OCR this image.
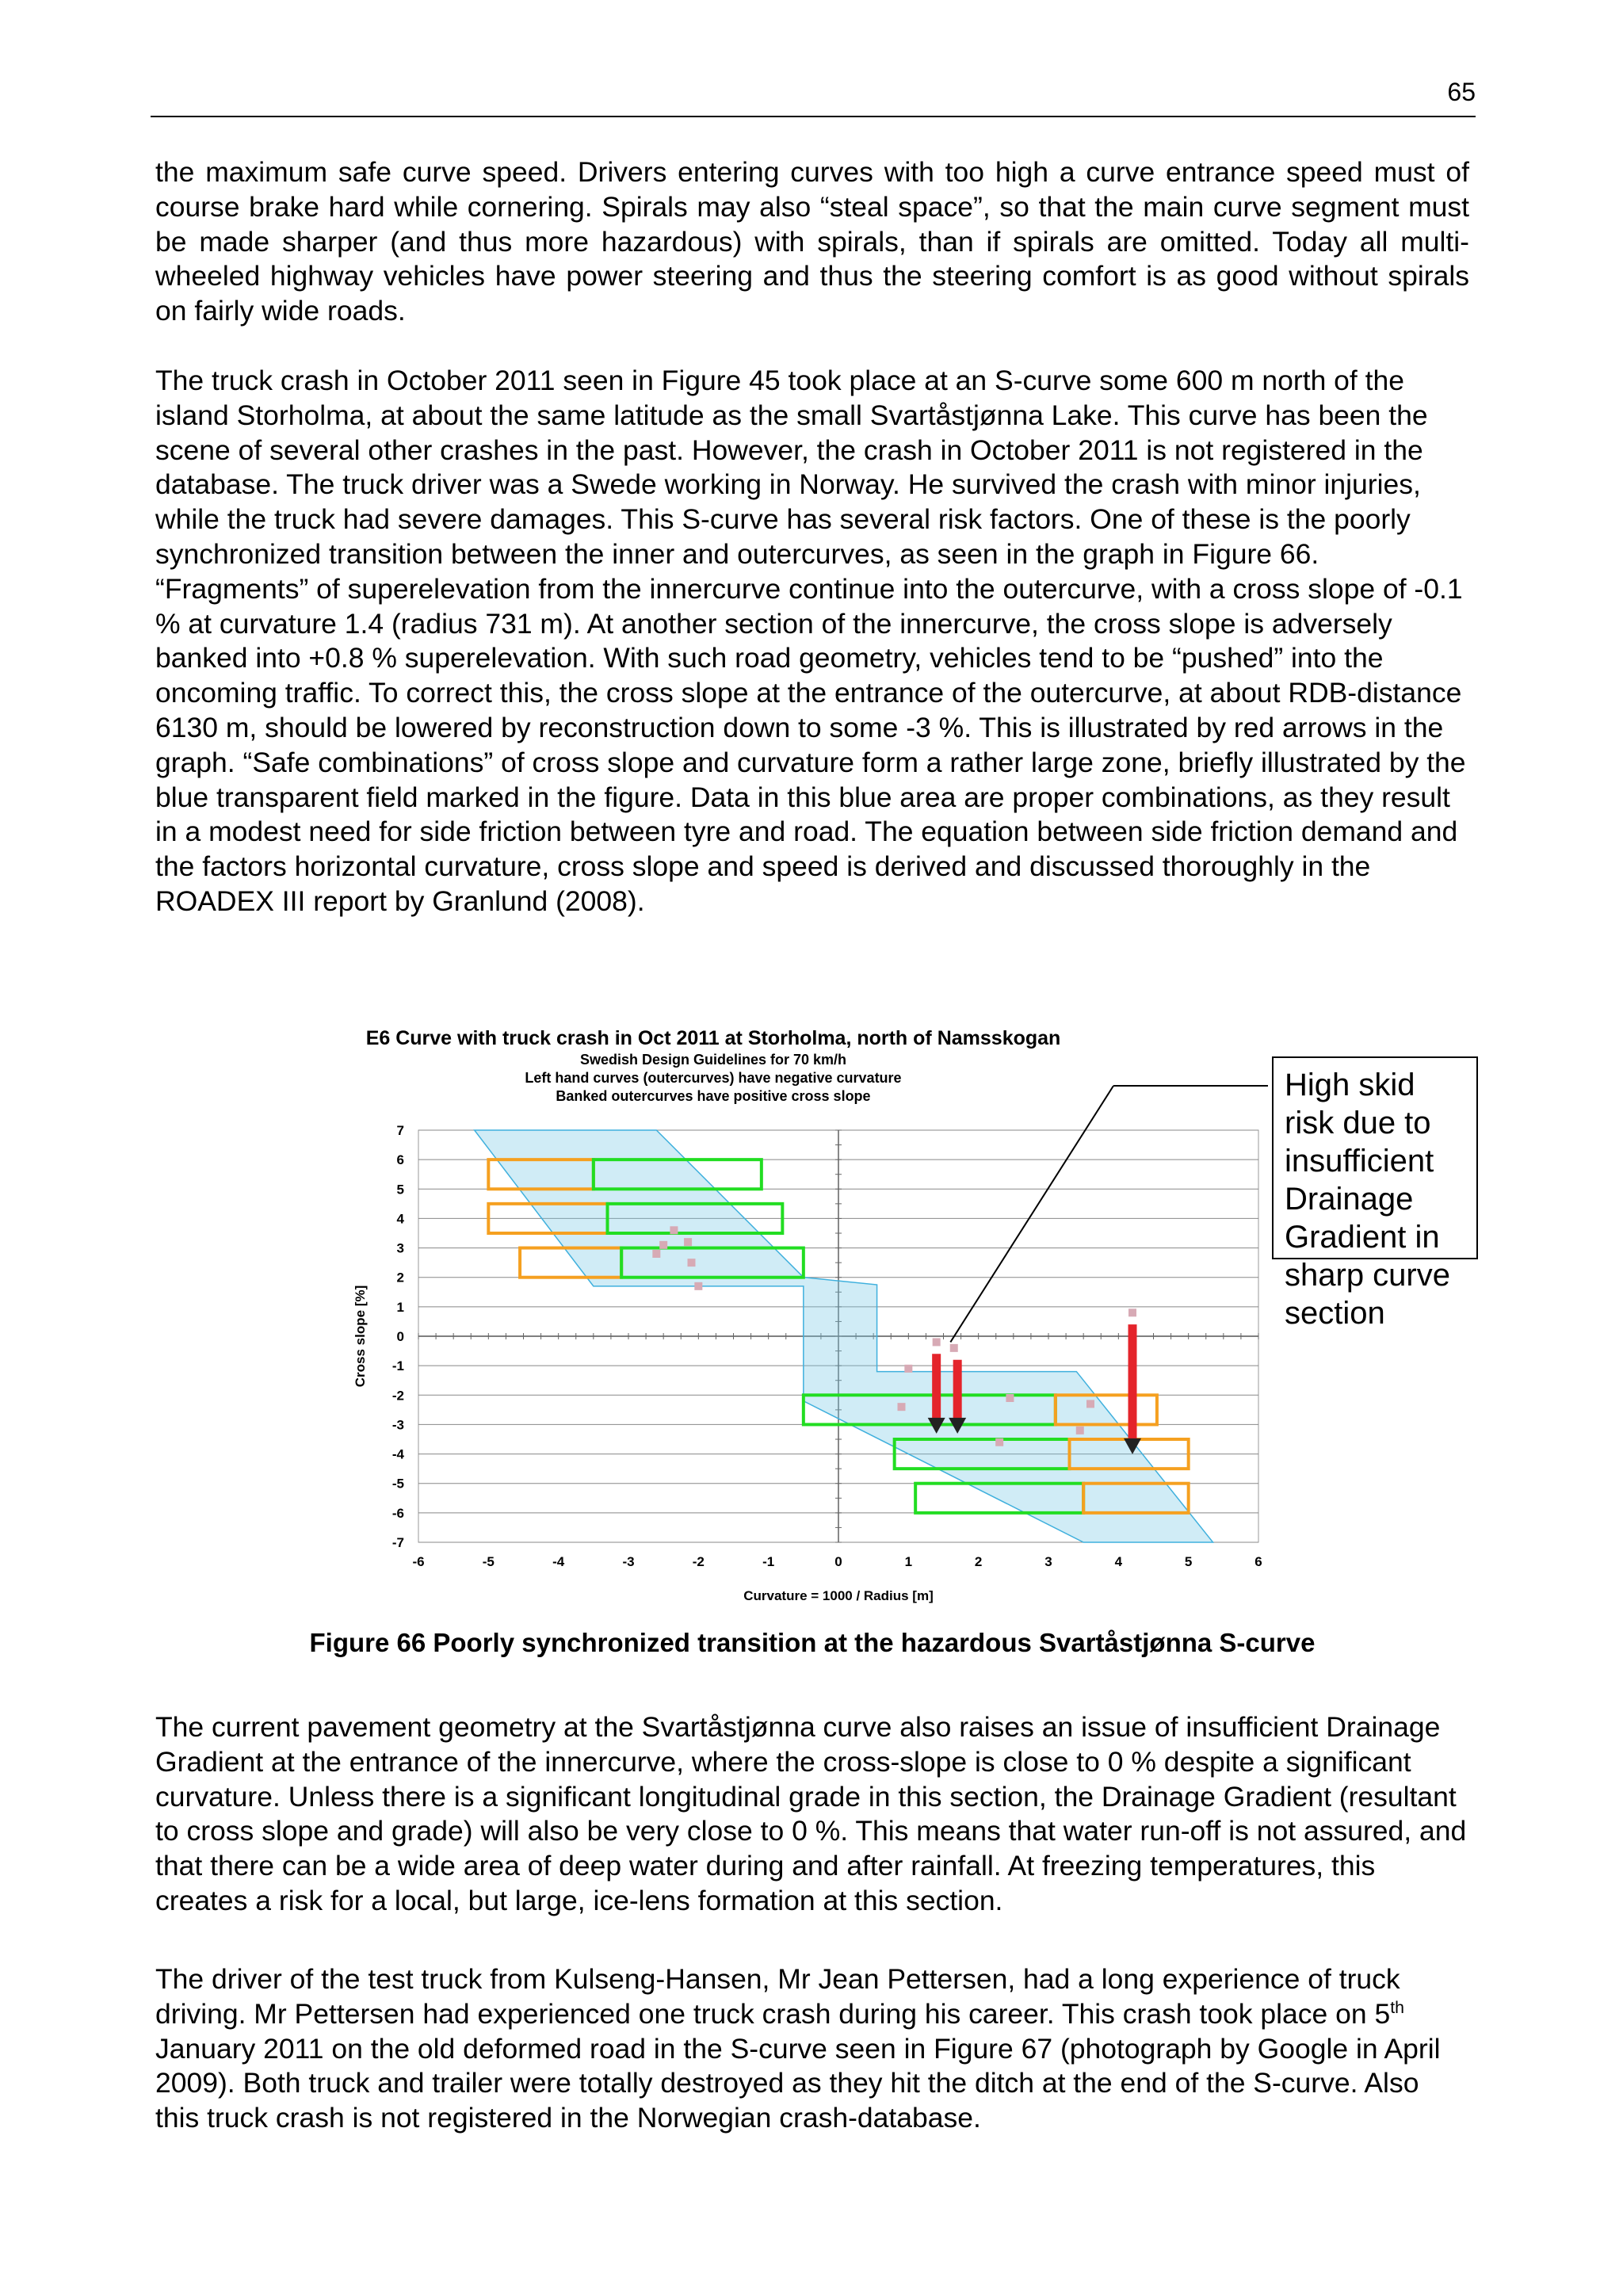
65
the maximum safe curve speed. Drivers entering curves with too high a curve entrance speed must of course brake hard while cornering. Spirals may also “steal space”, so that the main curve segment must be made sharper (and thus more hazardous) with spirals, than if spirals are omitted. Today all multi-wheeled highway vehicles have power steering and thus the steering comfort is as good without spirals on fairly wide roads.
The truck crash in October 2011 seen in Figure 45 took place at an S-curve some 600 m north of the island Storholma, at about the same latitude as the small Svartåstjønna Lake. This curve has been the scene of several other crashes in the past. However, the crash in October 2011 is not registered in the database. The truck driver was a Swede working in Norway. He survived the crash with minor injuries, while the truck had severe damages. This S-curve has several risk factors. One of these is the poorly synchronized transition between the inner and outercurves, as seen in the graph in Figure 66. “Fragments” of superelevation from the innercurve continue into the outercurve, with a cross slope of -0.1 % at curvature 1.4 (radius 731 m). At another section of the innercurve, the cross slope is adversely banked into +0.8 % superelevation. With such road geometry, vehicles tend to be “pushed” into the oncoming traffic. To correct this, the cross slope at the entrance of the outercurve, at about RDB-distance 6130 m, should be lowered by reconstruction down to some -3 %. This is illustrated by red arrows in the graph. “Safe combinations” of cross slope and curvature form a rather large zone, briefly illustrated by the blue transparent field marked in the figure. Data in this blue area are proper combinations, as they result in a modest need for side friction between tyre and road. The equation between side friction demand and the factors horizontal curvature, cross slope and speed is derived and discussed thoroughly in the ROADEX III report by Granlund (2008).
E6 Curve with truck crash in Oct 2011 at Storholma, north of Namsskogan
Swedish Design Guidelines for 70 km/h
Left hand curves (outercurves) have negative curvature
Banked outercurves have positive cross slope
7
6
5
4
3
2
1
0
-1
-2
-3
-4
-5
-6
-7
-6	-5	-4	-3	-2	-1	0	1	2	3	4	5	6
Curvature = 1000 / Radius [m]
Cross slope [%]
High skid risk due to insufficient Drainage Gradient in sharp curve section
Figure 66 Poorly synchronized transition at the hazardous Svartåstjønna S-curve
The current pavement geometry at the Svartåstjønna curve also raises an issue of insufficient Drainage Gradient at the entrance of the innercurve, where the cross-slope is close to 0 % despite a significant curvature. Unless there is a significant longitudinal grade in this section, the Drainage Gradient (resultant to cross slope and grade) will also be very close to 0 %. This means that water run-off is not assured, and that there can be a wide area of deep water during and after rainfall. At freezing temperatures, this creates a risk for a local, but large, ice-lens formation at this section.
The driver of the test truck from Kulseng-Hansen, Mr Jean Pettersen, had a long experience of truck driving. Mr Pettersen had experienced one truck crash during his career. This crash took place on 5th January 2011 on the old deformed road in the S-curve seen in Figure 67 (photograph by Google in April 2009). Both truck and trailer were totally destroyed as they hit the ditch at the end of the S-curve. Also this truck crash is not registered in the Norwegian crash-database.
